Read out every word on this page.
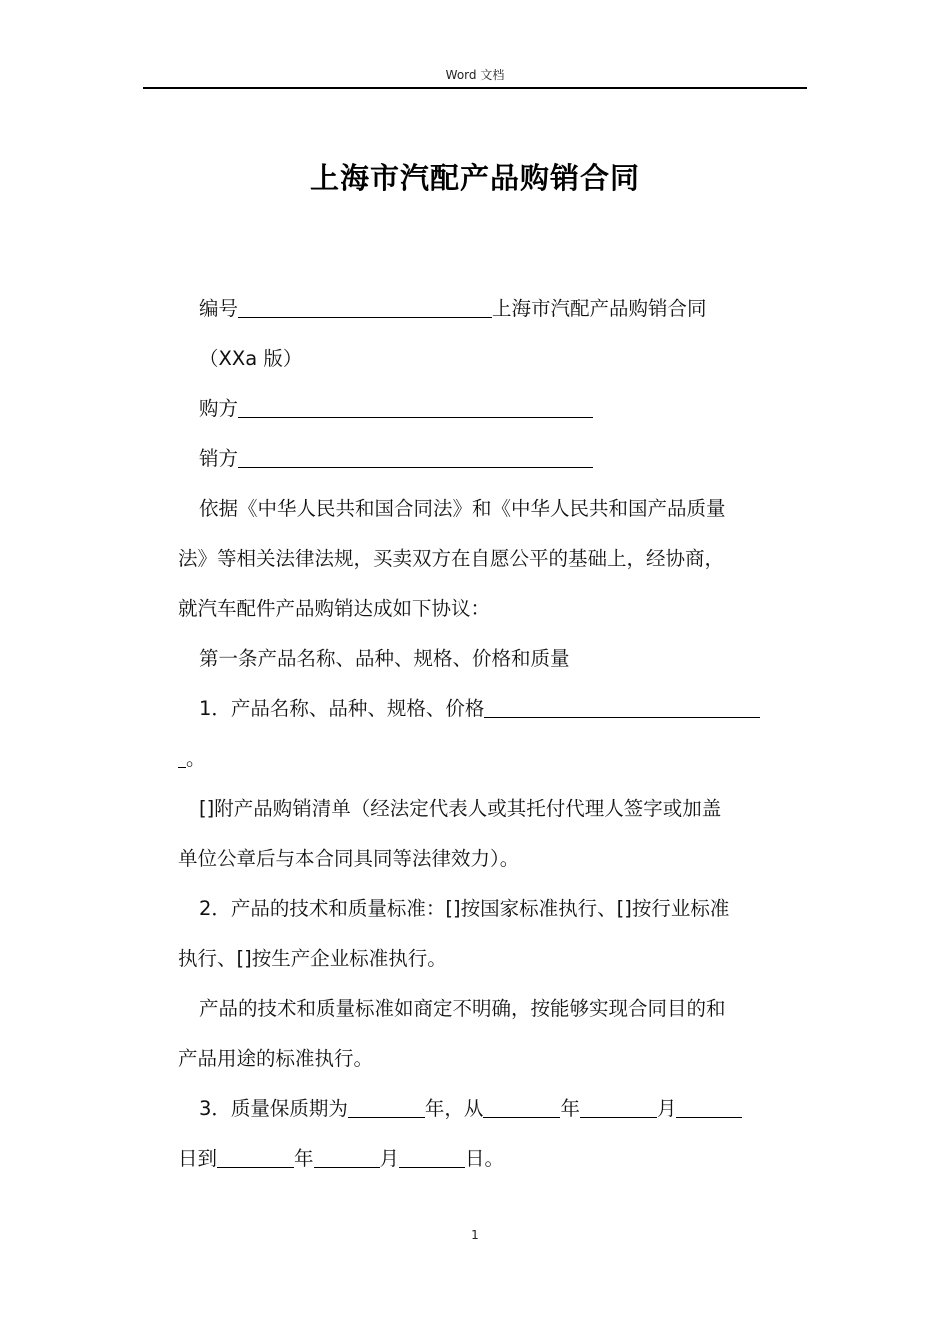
Word 文档
上海市汽配产品购销合同
编号	上海市汽配产品购销合同
（XXa 版）
购方
销方
依据《中华人民共和国合同法》和《中华人民共和国产品质量
法》等相关法律法规，买卖双方在自愿公平的基础上，经协商，
就汽车配件产品购销达成如下协议：
第一条产品名称、品种、规格、价格和质量
1．产品名称、品种、规格、价格
。
[]附产品购销清单（经法定代表人或其托付代理人签字或加盖
单位公章后与本合同具同等法律效力）。
2．产品的技术和质量标准：[]按国家标准执行、[]按行业标准
执行、[]按生产企业标准执行。
产品的技术和质量标准如商定不明确，按能够实现合同目的和
产品用途的标准执行。
3．质量保质期为	年，从	年	月
日到	年	月	日。
1
